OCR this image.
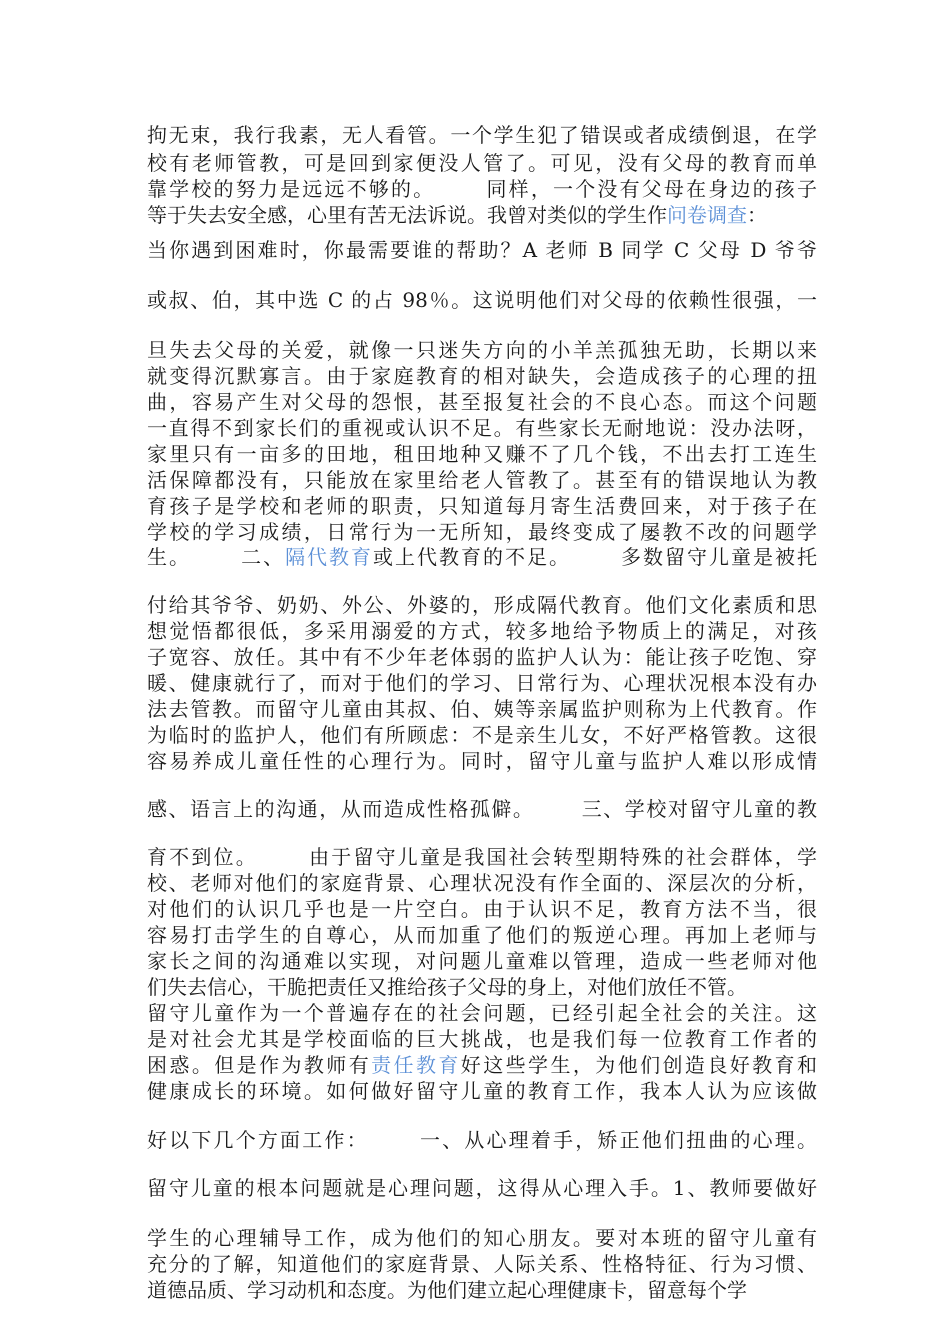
拘无束，我行我素，无人看管。一个学生犯了错误或者成绩倒退，在学
校有老师管教，可是回到家便没人管了。可见，没有父母的教育而单
靠学校的努力是远远不够的。      同样，一个没有父母在身边的孩子
等于失去安全感，心里有苦无法诉说。我曾对类似的学生作问卷调查：
当你遇到困难时，你最需要谁的帮助？A 老师 B 同学 C 父母 D 爷爷
或叔、伯，其中选 C 的占 98％。这说明他们对父母的依赖性很强，一
旦失去父母的关爱，就像一只迷失方向的小羊羔孤独无助，长期以来
就变得沉默寡言。由于家庭教育的相对缺失，会造成孩子的心理的扭
曲，容易产生对父母的怨恨，甚至报复社会的不良心态。而这个问题
一直得不到家长们的重视或认识不足。有些家长无耐地说：没办法呀，
家里只有一亩多的田地，租田地种又赚不了几个钱，不出去打工连生
活保障都没有，只能放在家里给老人管教了。甚至有的错误地认为教
育孩子是学校和老师的职责，只知道每月寄生活费回来，对于孩子在
学校的学习成绩，日常行为一无所知，最终变成了屡教不改的问题学
生。      二、隔代教育或上代教育的不足。      多数留守儿童是被托
付给其爷爷、奶奶、外公、外婆的，形成隔代教育。他们文化素质和思
想觉悟都很低，多采用溺爱的方式，较多地给予物质上的满足，对孩
子宽容、放任。其中有不少年老体弱的监护人认为：能让孩子吃饱、穿
暖、健康就行了，而对于他们的学习、日常行为、心理状况根本没有办
法去管教。而留守儿童由其叔、伯、姨等亲属监护则称为上代教育。作
为临时的监护人，他们有所顾虑：不是亲生儿女，不好严格管教。这很
容易养成儿童任性的心理行为。同时，留守儿童与监护人难以形成情
感、语言上的沟通，从而造成性格孤僻。      三、学校对留守儿童的教
育不到位。      由于留守儿童是我国社会转型期特殊的社会群体，学
校、老师对他们的家庭背景、心理状况没有作全面的、深层次的分析，
对他们的认识几乎也是一片空白。由于认识不足，教育方法不当，很
容易打击学生的自尊心，从而加重了他们的叛逆心理。再加上老师与
家长之间的沟通难以实现，对问题儿童难以管理，造成一些老师对他
们失去信心，干脆把责任又推给孩子父母的身上，对他们放任不管。
留守儿童作为一个普遍存在的社会问题，已经引起全社会的关注。这
是对社会尤其是学校面临的巨大挑战，也是我们每一位教育工作者的
困惑。但是作为教师有责任教育好这些学生，为他们创造良好教育和
健康成长的环境。如何做好留守儿童的教育工作，我本人认为应该做
好以下几个方面工作：      一、从心理着手，矫正他们扭曲的心理。
留守儿童的根本问题就是心理问题，这得从心理入手。1、教师要做好
学生的心理辅导工作，成为他们的知心朋友。要对本班的留守儿童有
充分的了解，知道他们的家庭背景、人际关系、性格特征、行为习惯、
道德品质、学习动机和态度。为他们建立起心理健康卡，留意每个学
